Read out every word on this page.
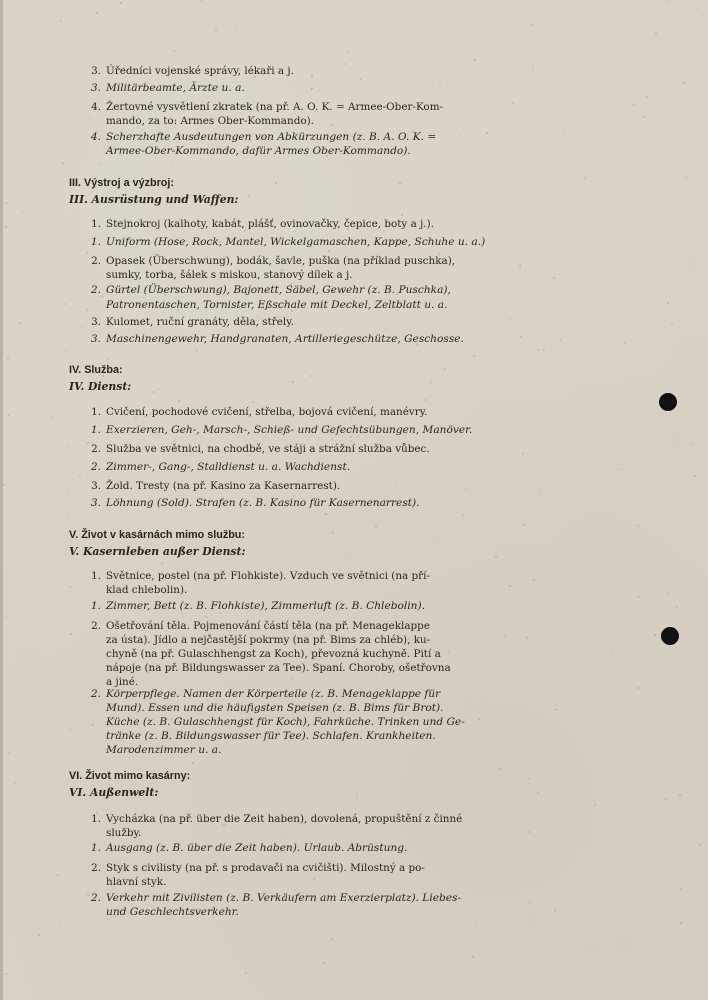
3. Úředníci vojenské správy, lékaři a j.
3. Militärbeamte, Ärzte u. a.
4. Žertovné vysvětlení zkratek (na př. A. O. K. = Armee-Ober-Kom-
mando, za to: Armes Ober-Kommando).
4. Scherzhafte Ausdeutungen von Abkürzungen (z. B. A. O. K. =
Armee-Ober-Kommando, dafür Armes Ober-Kommando).
III. Výstroj a výzbroj:
III. Ausrüstung und Waffen:
1. Stejnokroj (kalhoty, kabát, plášť, ovinovačky, čepice, boty a j.).
1. Uniform (Hose, Rock, Mantel, Wickelgamaschen, Kappe, Schuhe u. a.)
2. Opasek (Überschwung), bodák, šavle, puška (na příklad puschka),
sumky, torba, šálek s miskou, stanový dílek a j.
2. Gürtel (Überschwung), Bajonett, Säbel, Gewehr (z. B. Puschka),
Patronentaschen, Tornister, Eßschale mit Deckel, Zeltblatt u. a.
3. Kulomet, ruční granáty, děla, střely.
3. Maschinengewehr, Handgranaten, Artilleriegeschütze, Geschosse.
IV. Služba:
IV. Dienst:
1. Cvičení, pochodové cvičení, střelba, bojová cvičení, manévry.
1. Exerzieren, Geh-, Marsch-, Schieß- und Gefechtsübungen, Manöver.
2. Služba ve světnici, na chodbě, ve stáji a strážní služba vůbec.
2. Zimmer-, Gang-, Stalldienst u. a. Wachdienst.
3. Žold. Tresty (na př. Kasino za Kasernarrest).
3. Löhnung (Sold). Strafen (z. B. Kasino für Kasernenarrest).
V. Život v kasárnách mimo službu:
V. Kasernleben außer Dienst:
1. Světnice, postel (na př. Flohkiste). Vzduch ve světnici (na pří-
klad chlebolin).
1. Zimmer, Bett (z. B. Flohkiste), Zimmerluft (z. B. Chlebolin).
2. Ošetřování těla. Pojmenování částí těla (na př. Menageklappe
za ústa). Jídlo a nejčastější pokrmy (na př. Bims za chléb), ku-
chyně (na př. Gulaschhengst za Koch), převozná kuchyně. Pití a
nápoje (na př. Bildungswasser za Tee). Spaní. Choroby, ošetřovna
a jiné.
2. Körperpflege. Namen der Körperteile (z. B. Menageklappe für
Mund). Essen und die häufigsten Speisen (z. B. Bims für Brot).
Küche (z. B. Gulaschhengst für Koch), Fahrküche. Trinken und Ge-
tränke (z. B. Bildungswasser für Tee). Schlafen. Krankheiten.
Marodenzimmer u. a.
VI. Život mimo kasárny:
VI. Außenwelt:
1. Vycházka (na př. über die Zeit haben), dovolená, propuštění z činné
služby.
1. Ausgang (z. B. über die Zeit haben). Urlaub. Abrüstung.
2. Styk s civilisty (na př. s prodavači na cvičišti). Milostný a po-
hlavní styk.
2. Verkehr mit Zivilisten (z. B. Verkäufern am Exerzierplatz). Liebes-
und Geschlechtsverkehr.
